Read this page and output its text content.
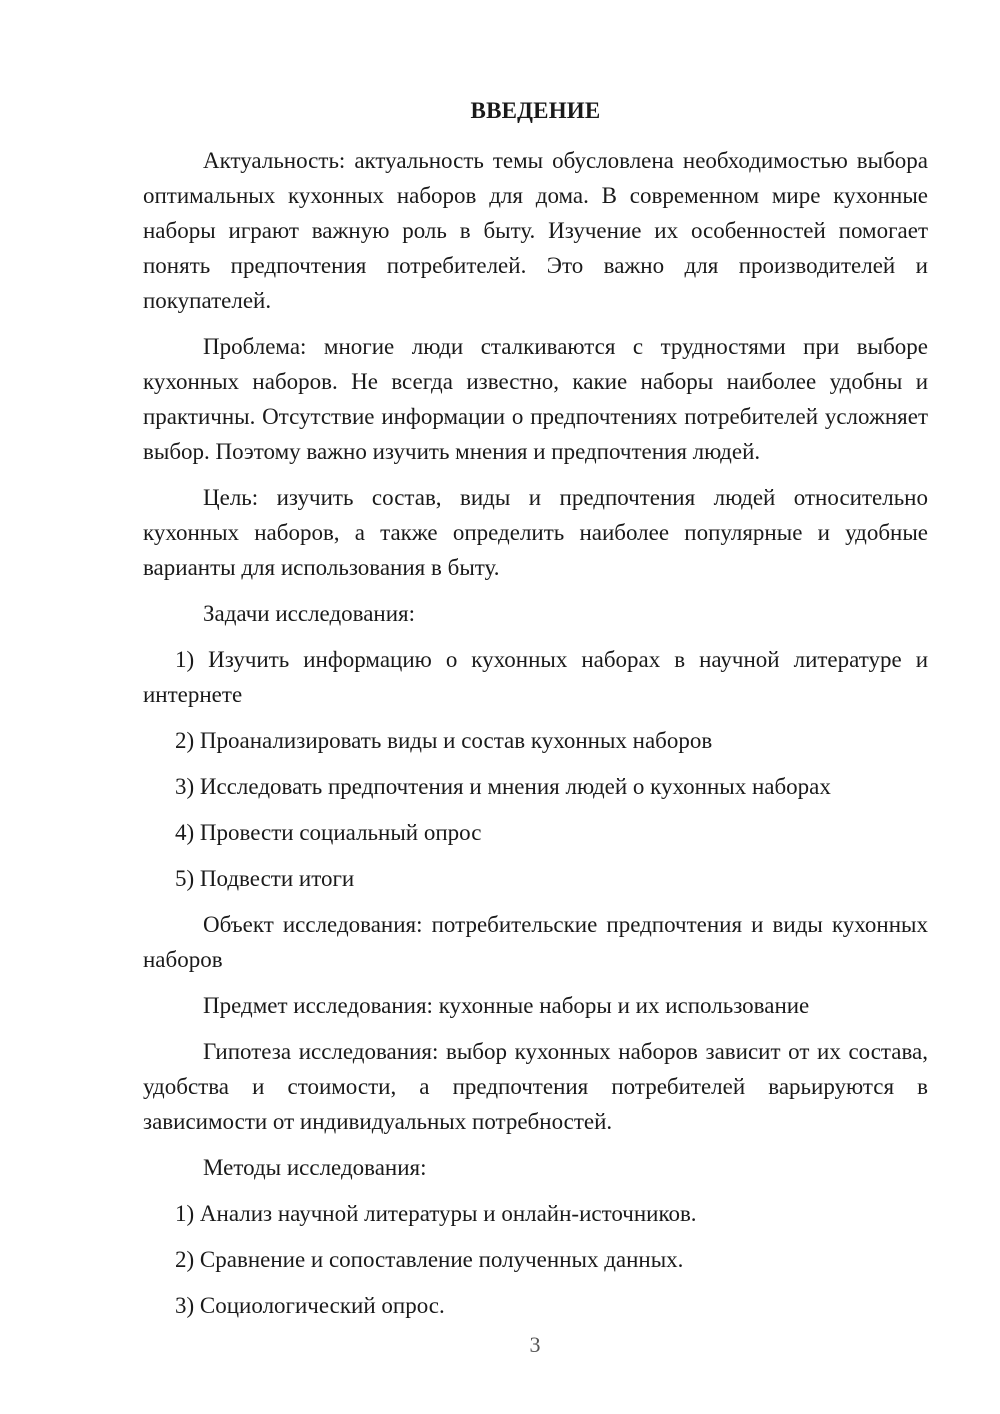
ВВЕДЕНИЕ

Актуальность: актуальность темы обусловлена необходимостью выбора оптимальных кухонных наборов для дома. В современном мире кухонные наборы играют важную роль в быту. Изучение их особенностей помогает понять предпочтения потребителей. Это важно для производителей и покупателей.

Проблема: многие люди сталкиваются с трудностями при выборе кухонных наборов. Не всегда известно, какие наборы наиболее удобны и практичны. Отсутствие информации о предпочтениях потребителей усложняет выбор. Поэтому важно изучить мнения и предпочтения людей.

Цель: изучить состав, виды и предпочтения людей относительно кухонных наборов, а также определить наиболее популярные и удобные варианты для использования в быту.

Задачи исследования:

1) Изучить информацию о кухонных наборах в научной литературе и интернете

2) Проанализировать виды и состав кухонных наборов

3) Исследовать предпочтения и мнения людей о кухонных наборах

4) Провести социальный опрос

5) Подвести итоги

Объект исследования: потребительские предпочтения и виды кухонных наборов

Предмет исследования: кухонные наборы и их использование

Гипотеза исследования: выбор кухонных наборов зависит от их состава, удобства и стоимости, а предпочтения потребителей варьируются в зависимости от индивидуальных потребностей.

Методы исследования:

1) Анализ научной литературы и онлайн-источников.

2) Сравнение и сопоставление полученных данных.

3) Социологический опрос.

3
